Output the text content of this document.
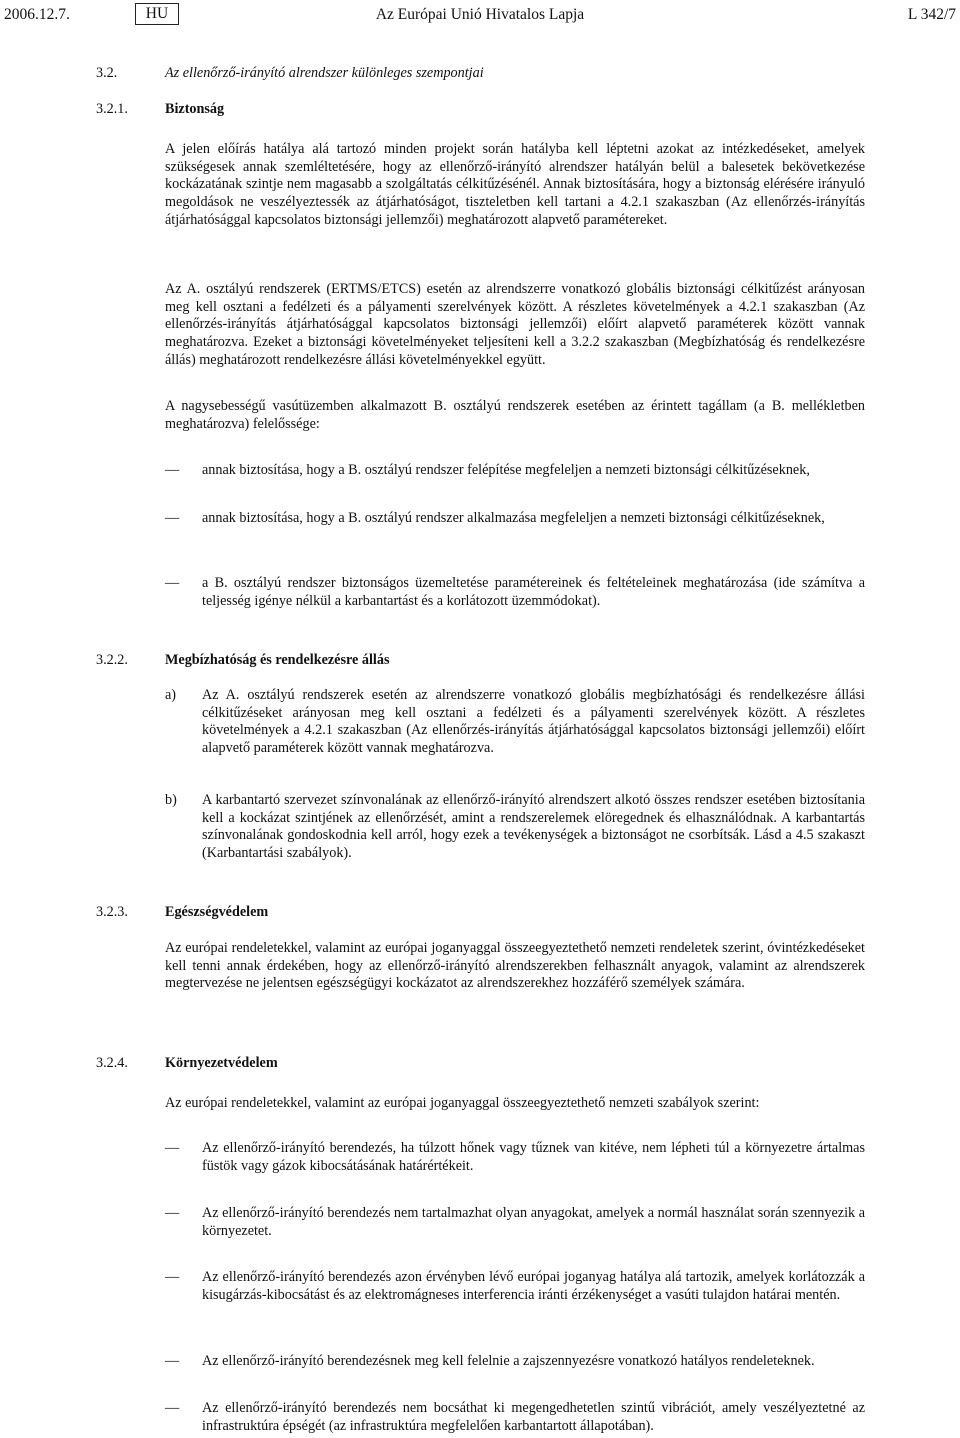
2006.12.7.	HU	Az Európai Unió Hivatalos Lapja	L 342/7
3.2.	Az ellenőrző-irányító alrendszer különleges szempontjai
3.2.1.	Biztonság
A jelen előírás hatálya alá tartozó minden projekt során hatályba kell léptetni azokat az intézkedéseket, amelyek szükségesek annak szemléltetésére, hogy az ellenőrző-irányító alrendszer hatályán belül a balesetek bekövetkezése kockázatának szintje nem magasabb a szolgáltatás célkitűzésénél. Annak biztosítására, hogy a biztonság elérésére irányuló megoldások ne veszélyeztessék az átjárhatóságot, tiszteletben kell tartani a 4.2.1 szakaszban (Az ellenőrzés-irányítás átjárhatósággal kapcsolatos biztonsági jellemzői) meghatározott alapvető paramétereket.
Az A. osztályú rendszerek (ERTMS/ETCS) esetén az alrendszerre vonatkozó globális biztonsági célkitűzést arányosan meg kell osztani a fedélzeti és a pályamenti szerelvények között. A részletes követelmények a 4.2.1 szakaszban (Az ellenőrzés-irányítás átjárhatósággal kapcsolatos biztonsági jellemzői) előírt alapvető paraméterek között vannak meghatározva. Ezeket a biztonsági követelményeket teljesíteni kell a 3.2.2 szakaszban (Megbízhatóság és rendelkezésre állás) meghatározott rendelkezésre állási követelményekkel együtt.
A nagysebességű vasútüzemben alkalmazott B. osztályú rendszerek esetében az érintett tagállam (a B. mellékletben meghatározva) felelőssége:
— annak biztosítása, hogy a B. osztályú rendszer felépítése megfeleljen a nemzeti biztonsági célkitűzéseknek,
— annak biztosítása, hogy a B. osztályú rendszer alkalmazása megfeleljen a nemzeti biztonsági célkitűzéseknek,
— a B. osztályú rendszer biztonságos üzemeltetése paramétereinek és feltételeinek meghatározása (ide számítva a teljesség igénye nélkül a karbantartást és a korlátozott üzemmódokat).
3.2.2.	Megbízhatóság és rendelkezésre állás
a) Az A. osztályú rendszerek esetén az alrendszerre vonatkozó globális megbízhatósági és rendelkezésre állási célkitűzéseket arányosan meg kell osztani a fedélzeti és a pályamenti szerelvények között. A részletes követelmények a 4.2.1 szakaszban (Az ellenőrzés-irányítás átjárhatósággal kapcsolatos biztonsági jellemzői) előírt alapvető paraméterek között vannak meghatározva.
b) A karbantartó szervezet színvonalának az ellenőrző-irányító alrendszert alkotó összes rendszer esetében biztosítania kell a kockázat szintjének az ellenőrzését, amint a rendszerelemek elöregednek és elhasználódnak. A karbantartás színvonalának gondoskodnia kell arról, hogy ezek a tevékenységek a biztonságot ne csorbítsák. Lásd a 4.5 szakaszt (Karbantartási szabályok).
3.2.3.	Egészségvédelem
Az európai rendeletekkel, valamint az európai joganyaggal összeegyeztethető nemzeti rendeletek szerint, óvintézkedéseket kell tenni annak érdekében, hogy az ellenőrző-irányító alrendszerekben felhasznált anyagok, valamint az alrendszerek megtervezése ne jelentsen egészségügyi kockázatot az alrendszerekhez hozzáférő személyek számára.
3.2.4.	Környezetvédelem
Az európai rendeletekkel, valamint az európai joganyaggal összeegyeztethető nemzeti szabályok szerint:
— Az ellenőrző-irányító berendezés, ha túlzott hőnek vagy tűznek van kitéve, nem lépheti túl a környezetre ártalmas füstök vagy gázok kibocsátásának határértékeit.
— Az ellenőrző-irányító berendezés nem tartalmazhat olyan anyagokat, amelyek a normál használat során szennyezik a környezetet.
— Az ellenőrző-irányító berendezés azon érvényben lévő európai joganyag hatálya alá tartozik, amelyek korlátozzák a kisugárzás-kibocsátást és az elektromágneses interferencia iránti érzékenységet a vasúti tulajdon határai mentén.
— Az ellenőrző-irányító berendezésnek meg kell felelnie a zajszennyezésre vonatkozó hatályos rendeleteknek.
— Az ellenőrző-irányító berendezés nem bocsáthat ki megengedhetetlen szintű vibrációt, amely veszélyeztetné az infrastruktúra épségét (az infrastruktúra megfelelően karbantartott állapotában).
